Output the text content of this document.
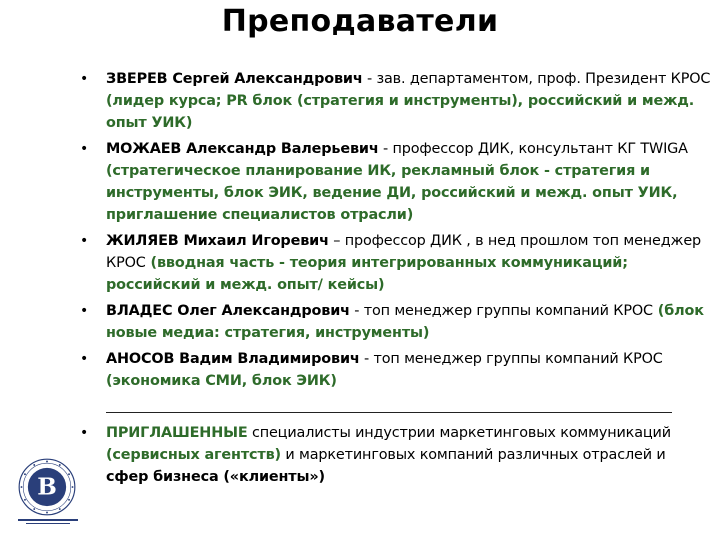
Преподаватели
• ЗВЕРЕВ Сергей Александрович - зав. департаментом, проф. Президент КРОС (лидер курса; PR блок (стратегия и инструменты), российский и межд. опыт УИК)
• МОЖАЕВ Александр Валерьевич - профессор ДИК, консультант КГ TWIGA (стратегическое планирование ИК, рекламный блок - стратегия и инструменты, блок ЭИК, ведение ДИ, российский и межд. опыт УИК, приглашение специалистов отрасли)
• ЖИЛЯЕВ Михаил Игоревич – профессор ДИК , в нед прошлом топ менеджер КРОС (вводная часть - теория интегрированных коммуникаций; российский и межд. опыт/ кейсы)
• ВЛАДЕС Олег Александрович - топ менеджер группы компаний КРОС (блок новые медиа: стратегия, инструменты)
• АНОСОВ Вадим Владимирович - топ менеджер группы компаний КРОС (экономика СМИ, блок ЭИК)
• ПРИГЛАШЕННЫЕ специалисты индустрии маркетинговых коммуникаций (сервисных агентств) и маркетинговых компаний различных отраслей и сфер бизнеса («клиенты»)
В
